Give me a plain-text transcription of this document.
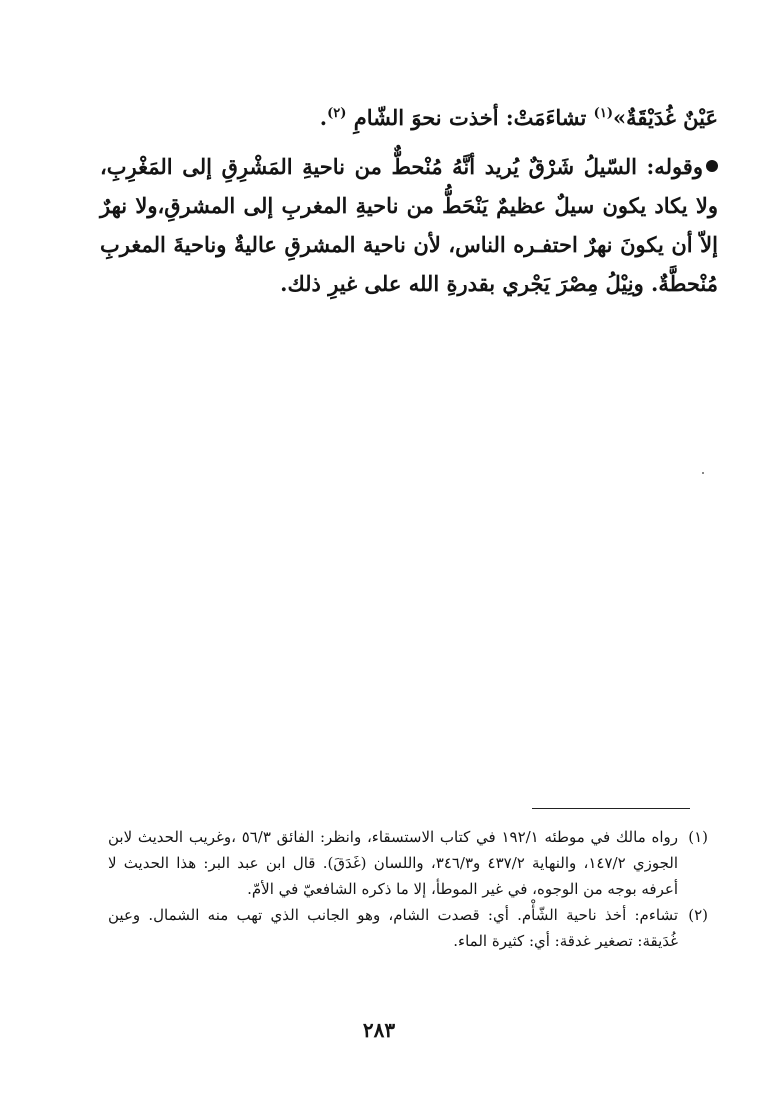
عَيْنٌ غُدَيْقَةٌ»$^{(١)}$ تشاءَمَتْ: أخذت نحوَ الشّامِ $^{(٢)}$.

وقوله: السّيلُ شَرْقٌ يُريد أنَّهُ مُنْحطٌّ من ناحيةِ المَشْرِقِ إلى المَغْرِبِ، ولا يكاد يكون سيلٌ عظيمٌ يَنْحَطُّ من ناحيةِ المغربِ إلى المشرقِ،ولا نهرٌ إلاّ أن يكونَ نهرٌ احتفـره الناس، لأن ناحية المشرقِ عاليةٌ وناحيةَ المغربِ مُنْحطَّةٌ. ونِيْلُ مِصْرَ يَجْري بقدرةِ الله على غيرِ ذلك.

(١)
رواه مالك في موطئه ١٩٢/١ في كتاب الاستسقاء، وانظر: الفائق ٥٦/٣ ،وغريب الحديث لابن الجوزي ١٤٧/٢، والنهاية ٤٣٧/٢ و٣٤٦/٣، واللسان (غَدَقَ). قال ابن عبد البر: هذا الحديث لا أعرفه بوجه من الوجوه، في غير الموطأ، إلا ما ذكره الشافعيّ في الأمّ.

(٢)
تشاءم: أخذ ناحية الشّأْم. أي: قصدت الشام، وهو الجانب الذي تهب منه الشمال. وعين غُدَيقة: تصغير غدقة: أي: كثيرة الماء.

٢٨٣
